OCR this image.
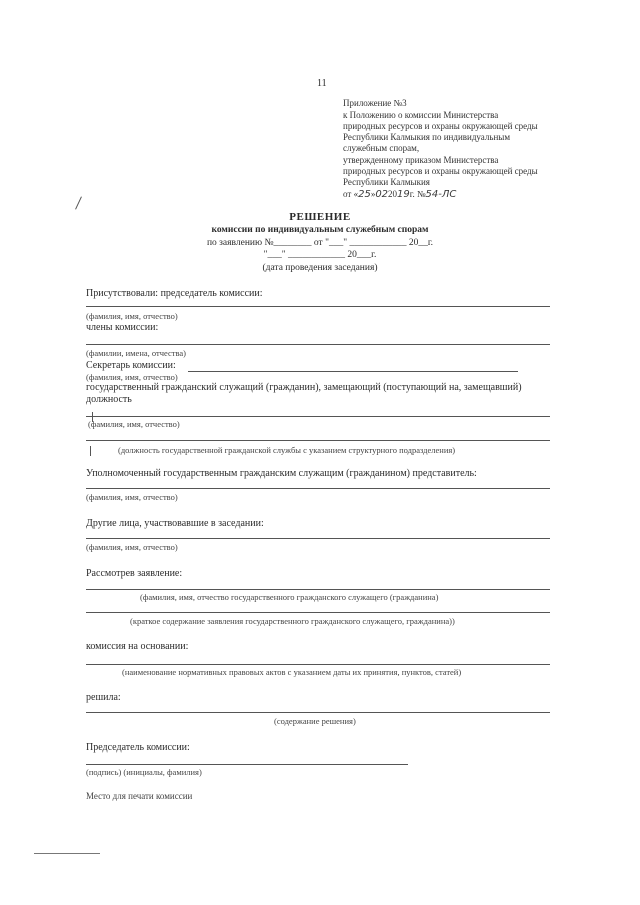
11
Приложение №3
к Положению о комиссии Министерства
природных ресурсов и охраны окружающей среды
Республики Калмыкия по индивидуальным
служебным спорам,
утвержденному приказом Министерства
природных ресурсов и охраны окружающей среды
Республики Калмыкия
от «25»022019г. №54-ЛС
РЕШЕНИЕ
комиссии по индивидуальным служебным спорам
по заявлению №________ от "___" ____________ 20__г.
"___" ____________ 20___г.
(дата проведения заседания)
Присутствовали: председатель комиссии:
(фамилия, имя, отчество)
члены комиссии:
(фамилии, имена, отчества)
Секретарь комиссии:
(фамилия, имя, отчество)
государственный гражданский служащий (гражданин), замещающий (поступающий на, замещавший)
должность
(фамилия, имя, отчество)
(должность государственной гражданской службы с указанием структурного подразделения)
Уполномоченный государственным гражданским служащим (гражданином) представитель:
(фамилия, имя, отчество)
Другие лица, участвовавшие в заседании:
(фамилия, имя, отчество)
Рассмотрев заявление:
(фамилия, имя, отчество государственного гражданского служащего (гражданина)
(краткое содержание заявления государственного гражданского служащего, гражданина))
комиссия на основании:
(наименование нормативных правовых актов с указанием даты их принятия, пунктов, статей)
решила:
(содержание решения)
Председатель комиссии:
(подпись) (инициалы, фамилия)
Место для печати комиссии
